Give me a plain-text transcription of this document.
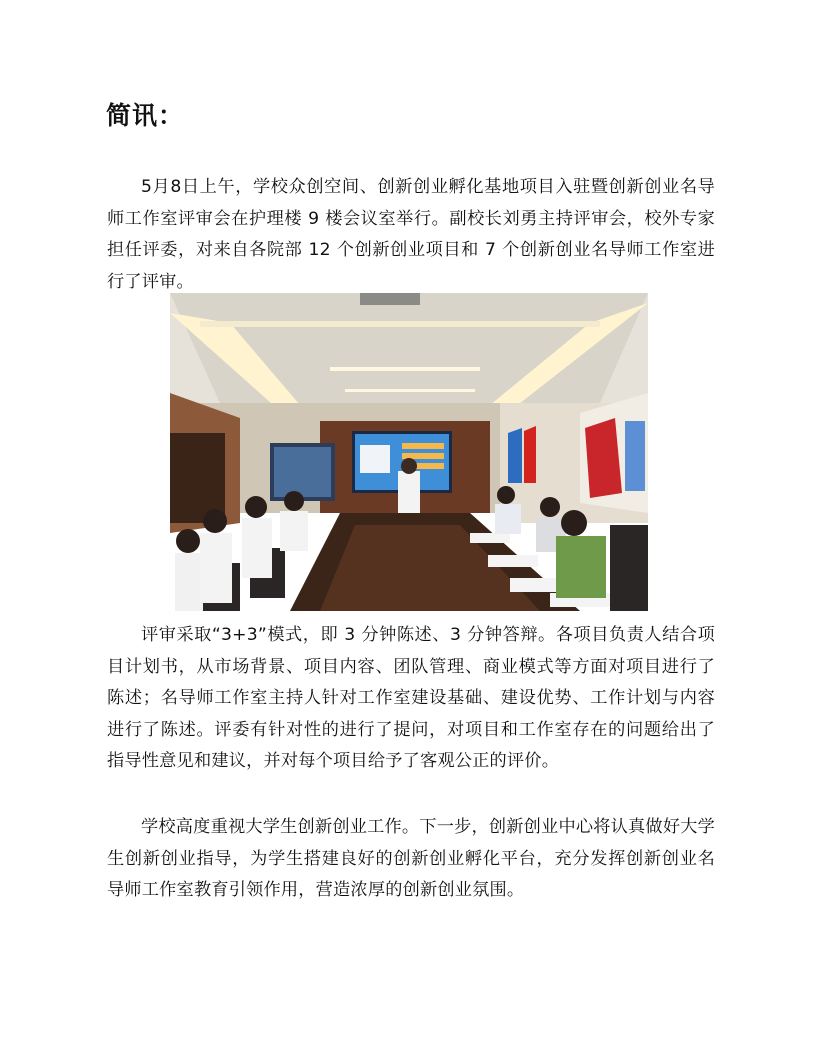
简讯：

5月8日上午，学校众创空间、创新创业孵化基地项目入驻暨创新创业名导师工作室评审会在护理楼 9 楼会议室举行。副校长刘勇主持评审会，校外专家担任评委，对来自各院部 12 个创新创业项目和 7 个创新创业名导师工作室进行了评审。

评审采取“3+3”模式，即 3 分钟陈述、3 分钟答辩。各项目负责人结合项目计划书，从市场背景、项目内容、团队管理、商业模式等方面对项目进行了陈述；名导师工作室主持人针对工作室建设基础、建设优势、工作计划与内容进行了陈述。评委有针对性的进行了提问，对项目和工作室存在的问题给出了指导性意见和建议，并对每个项目给予了客观公正的评价。

学校高度重视大学生创新创业工作。下一步，创新创业中心将认真做好大学生创新创业指导，为学生搭建良好的创新创业孵化平台，充分发挥创新创业名导师工作室教育引领作用，营造浓厚的创新创业氛围。
